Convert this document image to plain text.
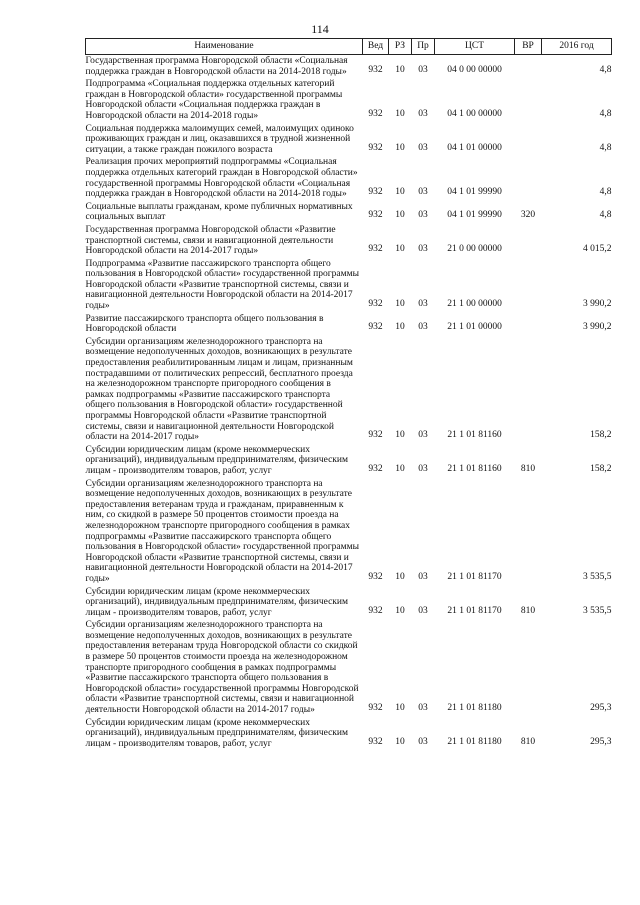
114
Наименование	Вед	РЗ	Пр	ЦСТ	ВР	2016 год
Государственная программа Новгородской области «Социальная поддержка граждан в Новгородской области на 2014-2018 годы»	932	10	03	04 0 00 00000		4,8
Подпрограмма «Социальная поддержка отдельных категорий граждан в Новгородской области» государственной программы Новгородской области «Социальная поддержка граждан в Новгородской области на 2014-2018 годы»	932	10	03	04 1 00 00000		4,8
Социальная поддержка малоимущих семей, малоимущих одиноко проживающих граждан и лиц, оказавшихся в трудной жизненной ситуации, а также граждан пожилого возраста	932	10	03	04 1 01 00000		4,8
Реализация прочих мероприятий подпрограммы «Социальная поддержка отдельных категорий граждан в Новгородской области» государственной программы Новгородской области «Социальная поддержка граждан в Новгородской области на 2014-2018 годы»	932	10	03	04 1 01 99990		4,8
Социальные выплаты гражданам, кроме публичных нормативных социальных выплат	932	10	03	04 1 01 99990	320	4,8
Государственная программа Новгородской области «Развитие транспортной системы, связи и навигационной деятельности Новгородской области на 2014-2017 годы»	932	10	03	21 0 00 00000		4 015,2
Подпрограмма «Развитие пассажирского транспорта общего пользования в Новгородской области» государственной программы Новгородской области «Развитие транспортной системы, связи и навигационной деятельности Новгородской области на 2014-2017 годы»	932	10	03	21 1 00 00000		3 990,2
Развитие пассажирского транспорта общего пользования в Новгородской области	932	10	03	21 1 01 00000		3 990,2
Субсидии организациям железнодорожного транспорта на возмещение недополученных доходов, возникающих в результате предоставления реабилитированным лицам и лицам, признанным пострадавшими от политических репрессий, бесплатного проезда на железнодорожном транспорте пригородного сообщения в рамках подпрограммы «Развитие пассажирского транспорта общего пользования в Новгородской области» государственной программы Новгородской области «Развитие транспортной системы, связи и навигационной деятельности Новгородской области на 2014-2017 годы»	932	10	03	21 1 01 81160		158,2
Субсидии юридическим лицам (кроме некоммерческих организаций), индивидуальным предпринимателям, физическим лицам - производителям товаров, работ, услуг	932	10	03	21 1 01 81160	810	158,2
Субсидии организациям железнодорожного транспорта на возмещение недополученных доходов, возникающих в результате предоставления ветеранам труда и гражданам, приравненным к ним, со скидкой в размере 50 процентов стоимости проезда на железнодорожном транспорте пригородного сообщения в рамках подпрограммы «Развитие пассажирского транспорта общего пользования в Новгородской области» государственной программы Новгородской области «Развитие транспортной системы, связи и навигационной деятельности Новгородской области на 2014-2017 годы»	932	10	03	21 1 01 81170		3 535,5
Субсидии юридическим лицам (кроме некоммерческих организаций), индивидуальным предпринимателям, физическим лицам - производителям товаров, работ, услуг	932	10	03	21 1 01 81170	810	3 535,5
Субсидии организациям железнодорожного транспорта на возмещение недополученных доходов, возникающих в результате предоставления ветеранам труда Новгородской области со скидкой в размере 50 процентов стоимости проезда на железнодорожном транспорте пригородного сообщения в рамках подпрограммы «Развитие пассажирского транспорта общего пользования в Новгородской области» государственной программы Новгородской области «Развитие транспортной системы, связи и навигационной деятельности Новгородской области на 2014-2017 годы»	932	10	03	21 1 01 81180		295,3
Субсидии юридическим лицам (кроме некоммерческих организаций), индивидуальным предпринимателям, физическим лицам - производителям товаров, работ, услуг	932	10	03	21 1 01 81180	810	295,3
